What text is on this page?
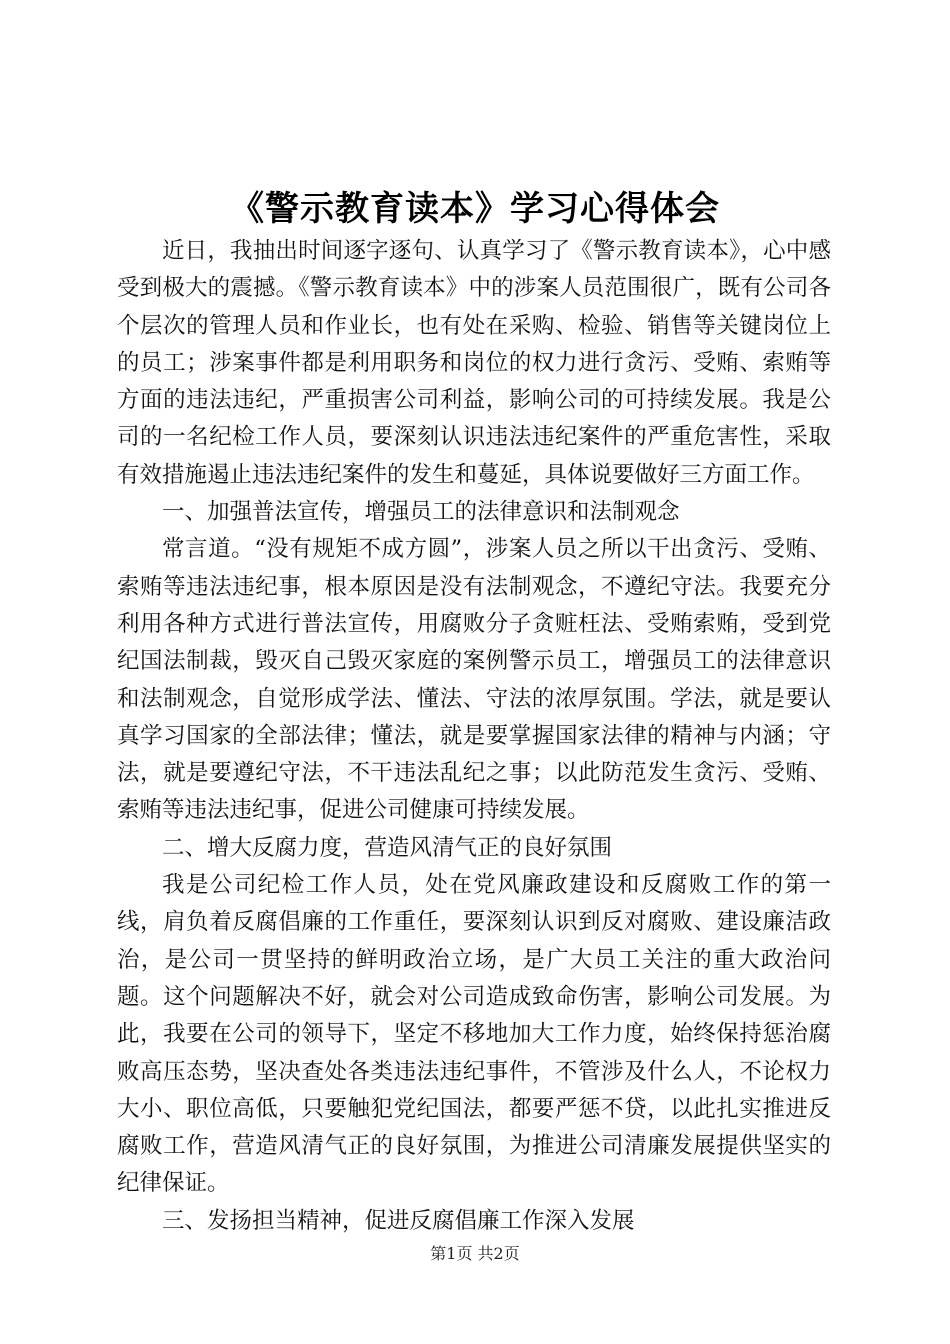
《警示教育读本》学习心得体会

近日，我抽出时间逐字逐句、认真学习了《警示教育读本》，心中感受到极大的震撼。《警示教育读本》中的涉案人员范围很广，既有公司各个层次的管理人员和作业长，也有处在采购、检验、销售等关键岗位上的员工；涉案事件都是利用职务和岗位的权力进行贪污、受贿、索贿等方面的违法违纪，严重损害公司利益，影响公司的可持续发展。我是公司的一名纪检工作人员，要深刻认识违法违纪案件的严重危害性，采取有效措施遏止违法违纪案件的发生和蔓延，具体说要做好三方面工作。

一、加强普法宣传，增强员工的法律意识和法制观念

常言道。“没有规矩不成方圆”，涉案人员之所以干出贪污、受贿、索贿等违法违纪事，根本原因是没有法制观念，不遵纪守法。我要充分利用各种方式进行普法宣传，用腐败分子贪赃枉法、受贿索贿，受到党纪国法制裁，毁灭自己毁灭家庭的案例警示员工，增强员工的法律意识和法制观念，自觉形成学法、懂法、守法的浓厚氛围。学法，就是要认真学习国家的全部法律；懂法，就是要掌握国家法律的精神与内涵；守法，就是要遵纪守法，不干违法乱纪之事；以此防范发生贪污、受贿、索贿等违法违纪事，促进公司健康可持续发展。

二、增大反腐力度，营造风清气正的良好氛围

我是公司纪检工作人员，处在党风廉政建设和反腐败工作的第一线，肩负着反腐倡廉的工作重任，要深刻认识到反对腐败、建设廉洁政治，是公司一贯坚持的鲜明政治立场，是广大员工关注的重大政治问题。这个问题解决不好，就会对公司造成致命伤害，影响公司发展。为此，我要在公司的领导下，坚定不移地加大工作力度，始终保持惩治腐败高压态势，坚决查处各类违法违纪事件，不管涉及什么人，不论权力大小、职位高低，只要触犯党纪国法，都要严惩不贷，以此扎实推进反腐败工作，营造风清气正的良好氛围，为推进公司清廉发展提供坚实的纪律保证。

三、发扬担当精神，促进反腐倡廉工作深入发展

第1页 共2页
